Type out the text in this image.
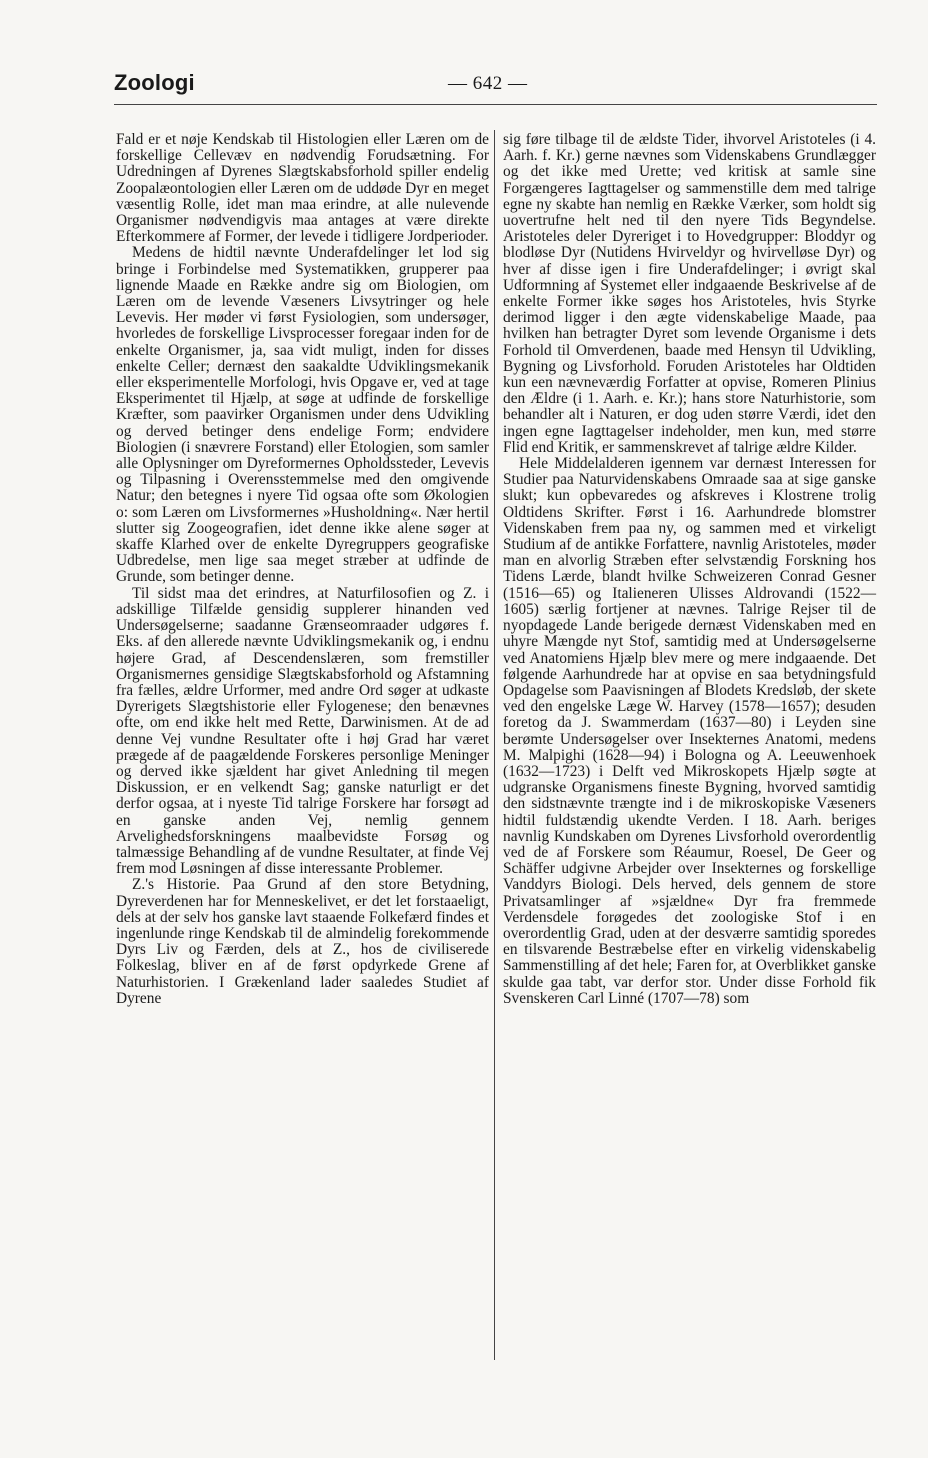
Zoologi	— 642 —

Fald er et nøje Kendskab til Histologien eller Læren om de forskellige Cellevæv en nødvendig Forudsætning. For Udredningen af Dyrenes Slægtskabsforhold spiller endelig Zoopalæontologien eller Læren om de uddøde Dyr en meget væsentlig Rolle, idet man maa erindre, at alle nulevende Organismer nødvendigvis maa antages at være direkte Efterkommere af Former, der levede i tidligere Jordperioder.

Medens de hidtil nævnte Underafdelinger let lod sig bringe i Forbindelse med Systematikken, grupperer paa lignende Maade en Række andre sig om Biologien, om Læren om de levende Væseners Livsytringer og hele Levevis. Her møder vi først Fysiologien, som undersøger, hvorledes de forskellige Livsprocesser foregaar inden for de enkelte Organismer, ja, saa vidt muligt, inden for disses enkelte Celler; dernæst den saakaldte Udviklingsmekanik eller eksperimentelle Morfologi, hvis Opgave er, ved at tage Eksperimentet til Hjælp, at søge at udfinde de forskellige Kræfter, som paavirker Organismen under dens Udvikling og derved betinger dens endelige Form; endvidere Biologien (i snævrere Forstand) eller Etologien, som samler alle Oplysninger om Dyreformernes Opholdssteder, Levevis og Tilpasning i Overensstemmelse med den omgivende Natur; den betegnes i nyere Tid ogsaa ofte som Økologien o: som Læren om Livsformernes »Husholdning«. Nær hertil slutter sig Zoogeografien, idet denne ikke alene søger at skaffe Klarhed over de enkelte Dyregruppers geografiske Udbredelse, men lige saa meget stræber at udfinde de Grunde, som betinger denne.

Til sidst maa det erindres, at Naturfilosofien og Z. i adskillige Tilfælde gensidig supplerer hinanden ved Undersøgelserne; saadanne Grænseomraader udgøres f. Eks. af den allerede nævnte Udviklingsmekanik og, i endnu højere Grad, af Descendenslæren, som fremstiller Organismernes gensidige Slægtskabsforhold og Afstamning fra fælles, ældre Urformer, med andre Ord søger at udkaste Dyrerigets Slægtshistorie eller Fylogenese; den benævnes ofte, om end ikke helt med Rette, Darwinismen. At de ad denne Vej vundne Resultater ofte i høj Grad har været prægede af de paagældende Forskeres personlige Meninger og derved ikke sjældent har givet Anledning til megen Diskussion, er en velkendt Sag; ganske naturligt er det derfor ogsaa, at i nyeste Tid talrige Forskere har forsøgt ad en ganske anden Vej, nemlig gennem Arvelighedsforskningens maalbevidste Forsøg og talmæssige Behandling af de vundne Resultater, at finde Vej frem mod Løsningen af disse interessante Problemer.

Z.'s Historie. Paa Grund af den store Betydning, Dyreverdenen har for Menneskelivet, er det let forstaaeligt, dels at der selv hos ganske lavt staaende Folkefærd findes et ingenlunde ringe Kendskab til de almindelig forekommende Dyrs Liv og Færden, dels at Z., hos de civiliserede Folkeslag, bliver en af de først opdyrkede Grene af Naturhistorien. I Grækenland lader saaledes Studiet af Dyrene

sig føre tilbage til de ældste Tider, ihvorvel Aristoteles (i 4. Aarh. f. Kr.) gerne nævnes som Videnskabens Grundlægger og det ikke med Urette; ved kritisk at samle sine Forgængeres Iagttagelser og sammenstille dem med talrige egne ny skabte han nemlig en Række Værker, som holdt sig uovertrufne helt ned til den nyere Tids Begyndelse. Aristoteles deler Dyreriget i to Hovedgrupper: Bloddyr og blodløse Dyr (Nutidens Hvirveldyr og hvirvelløse Dyr) og hver af disse igen i fire Underafdelinger; i øvrigt skal Udformning af Systemet eller indgaaende Beskrivelse af de enkelte Former ikke søges hos Aristoteles, hvis Styrke derimod ligger i den ægte videnskabelige Maade, paa hvilken han betragter Dyret som levende Organisme i dets Forhold til Omverdenen, baade med Hensyn til Udvikling, Bygning og Livsforhold. Foruden Aristoteles har Oldtiden kun een nævneværdig Forfatter at opvise, Romeren Plinius den Ældre (i 1. Aarh. e. Kr.); hans store Naturhistorie, som behandler alt i Naturen, er dog uden større Værdi, idet den ingen egne Iagttagelser indeholder, men kun, med større Flid end Kritik, er sammenskrevet af talrige ældre Kilder.

Hele Middelalderen igennem var dernæst Interessen for Studier paa Naturvidenskabens Omraade saa at sige ganske slukt; kun opbevaredes og afskreves i Klostrene trolig Oldtidens Skrifter. Først i 16. Aarhundrede blomstrer Videnskaben frem paa ny, og sammen med et virkeligt Studium af de antikke Forfattere, navnlig Aristoteles, møder man en alvorlig Stræben efter selvstændig Forskning hos Tidens Lærde, blandt hvilke Schweizeren Conrad Gesner (1516—65) og Italieneren Ulisses Aldrovandi (1522—1605) særlig fortjener at nævnes. Talrige Rejser til de nyopdagede Lande berigede dernæst Videnskaben med en uhyre Mængde nyt Stof, samtidig med at Undersøgelserne ved Anatomiens Hjælp blev mere og mere indgaaende. Det følgende Aarhundrede har at opvise en saa betydningsfuld Opdagelse som Paavisningen af Blodets Kredsløb, der skete ved den engelske Læge W. Harvey (1578—1657); desuden foretog da J. Swammerdam (1637—80) i Leyden sine berømte Undersøgelser over Insekternes Anatomi, medens M. Malpighi (1628—94) i Bologna og A. Leeuwenhoek (1632—1723) i Delft ved Mikroskopets Hjælp søgte at udgranske Organismens fineste Bygning, hvorved samtidig den sidstnævnte trængte ind i de mikroskopiske Væseners hidtil fuldstændig ukendte Verden. I 18. Aarh. beriges navnlig Kundskaben om Dyrenes Livsforhold overordentlig ved de af Forskere som Réaumur, Roesel, De Geer og Schäffer udgivne Arbejder over Insekternes og forskellige Vanddyrs Biologi. Dels herved, dels gennem de store Privatsamlinger af »sjældne« Dyr fra fremmede Verdensdele forøgedes det zoologiske Stof i en overordentlig Grad, uden at der desværre samtidig sporedes en tilsvarende Bestræbelse efter en virkelig videnskabelig Sammenstilling af det hele; Faren for, at Overblikket ganske skulde gaa tabt, var derfor stor. Under disse Forhold fik Svenskeren Carl Linné (1707—78) som
